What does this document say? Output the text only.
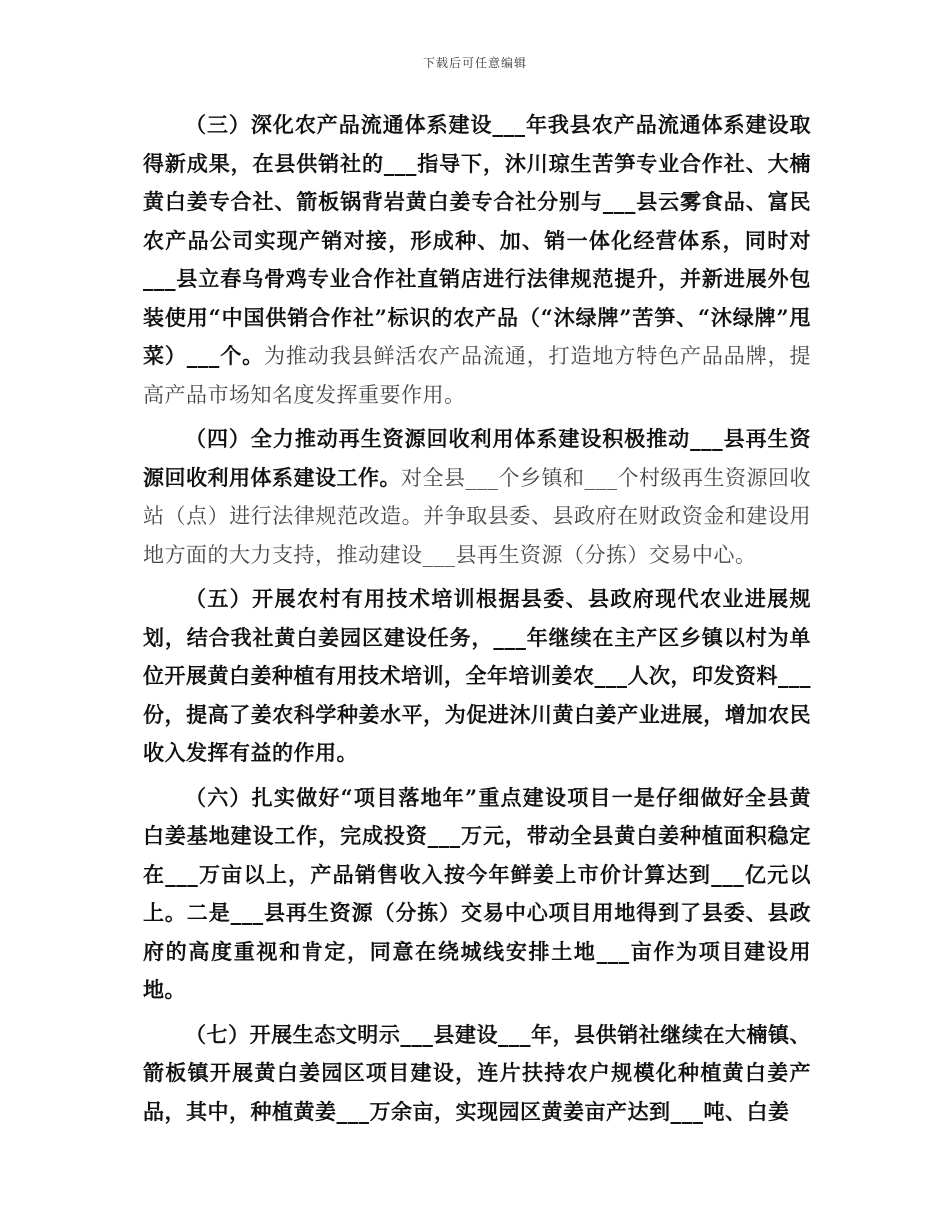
下载后可任意编辑

（三）深化农产品流通体系建设___年我县农产品流通体系建设取得新成果，在县供销社的___指导下，沐川琼生苦笋专业合作社、大楠黄白姜专合社、箭板锅背岩黄白姜专合社分别与___县云雾食品、富民农产品公司实现产销对接，形成种、加、销一体化经营体系，同时对___县立春乌骨鸡专业合作社直销店进行法律规范提升，并新进展外包装使用“中国供销合作社”标识的农产品（“沐绿牌”苦笋、“沐绿牌”甩菜）___个。为推动我县鲜活农产品流通，打造地方特色产品品牌，提高产品市场知名度发挥重要作用。

（四）全力推动再生资源回收利用体系建设积极推动___县再生资源回收利用体系建设工作。对全县___个乡镇和___个村级再生资源回收站（点）进行法律规范改造。并争取县委、县政府在财政资金和建设用地方面的大力支持，推动建设___县再生资源（分拣）交易中心。

（五）开展农村有用技术培训根据县委、县政府现代农业进展规划，结合我社黄白姜园区建设任务，___年继续在主产区乡镇以村为单位开展黄白姜种植有用技术培训，全年培训姜农___人次，印发资料___份，提高了姜农科学种姜水平，为促进沐川黄白姜产业进展，增加农民收入发挥有益的作用。

（六）扎实做好“项目落地年”重点建设项目一是仔细做好全县黄白姜基地建设工作，完成投资___万元，带动全县黄白姜种植面积稳定在___万亩以上，产品销售收入按今年鲜姜上市价计算达到___亿元以上。二是___县再生资源（分拣）交易中心项目用地得到了县委、县政府的高度重视和肯定，同意在绕城线安排土地___亩作为项目建设用地。

（七）开展生态文明示___县建设___年，县供销社继续在大楠镇、箭板镇开展黄白姜园区项目建设，连片扶持农户规模化种植黄白姜产品，其中，种植黄姜___万余亩，实现园区黄姜亩产达到___吨、白姜
